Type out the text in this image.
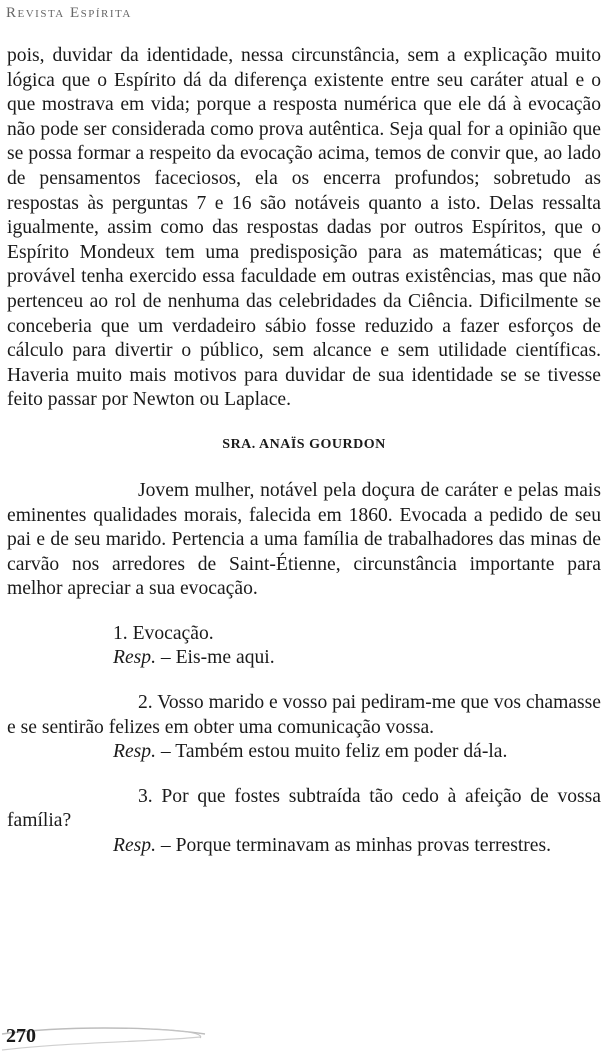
Revista Espírita

pois, duvidar da identidade, nessa circunstância, sem a explicação muito lógica que o Espírito dá da diferença existente entre seu caráter atual e o que mostrava em vida; porque a resposta numérica que ele dá à evocação não pode ser considerada como prova autêntica. Seja qual for a opinião que se possa formar a respeito da evocação acima, temos de convir que, ao lado de pensamentos faceciosos, ela os encerra profundos; sobretudo as respostas às perguntas 7 e 16 são notáveis quanto a isto. Delas ressalta igualmente, assim como das respostas dadas por outros Espíritos, que o Espírito Mondeux tem uma predisposição para as matemáticas; que é provável tenha exercido essa faculdade em outras existências, mas que não pertenceu ao rol de nenhuma das celebridades da Ciência. Dificilmente se conceberia que um verdadeiro sábio fosse reduzido a fazer esforços de cálculo para divertir o público, sem alcance e sem utilidade científicas. Haveria muito mais motivos para duvidar de sua identidade se se tivesse feito passar por Newton ou Laplace.

SRA. ANAÏS GOURDON

Jovem mulher, notável pela doçura de caráter e pelas mais eminentes qualidades morais, falecida em 1860. Evocada a pedido de seu pai e de seu marido. Pertencia a uma família de trabalhadores das minas de carvão nos arredores de Saint-Étienne, circunstância importante para melhor apreciar a sua evocação.

1. Evocação.
Resp. – Eis-me aqui.

2. Vosso marido e vosso pai pediram-me que vos chamasse e se sentirão felizes em obter uma comunicação vossa.

Resp. – Também estou muito feliz em poder dá-la.

3. Por que fostes subtraída tão cedo à afeição de vossa família?

Resp. – Porque terminavam as minhas provas terrestres.
270
